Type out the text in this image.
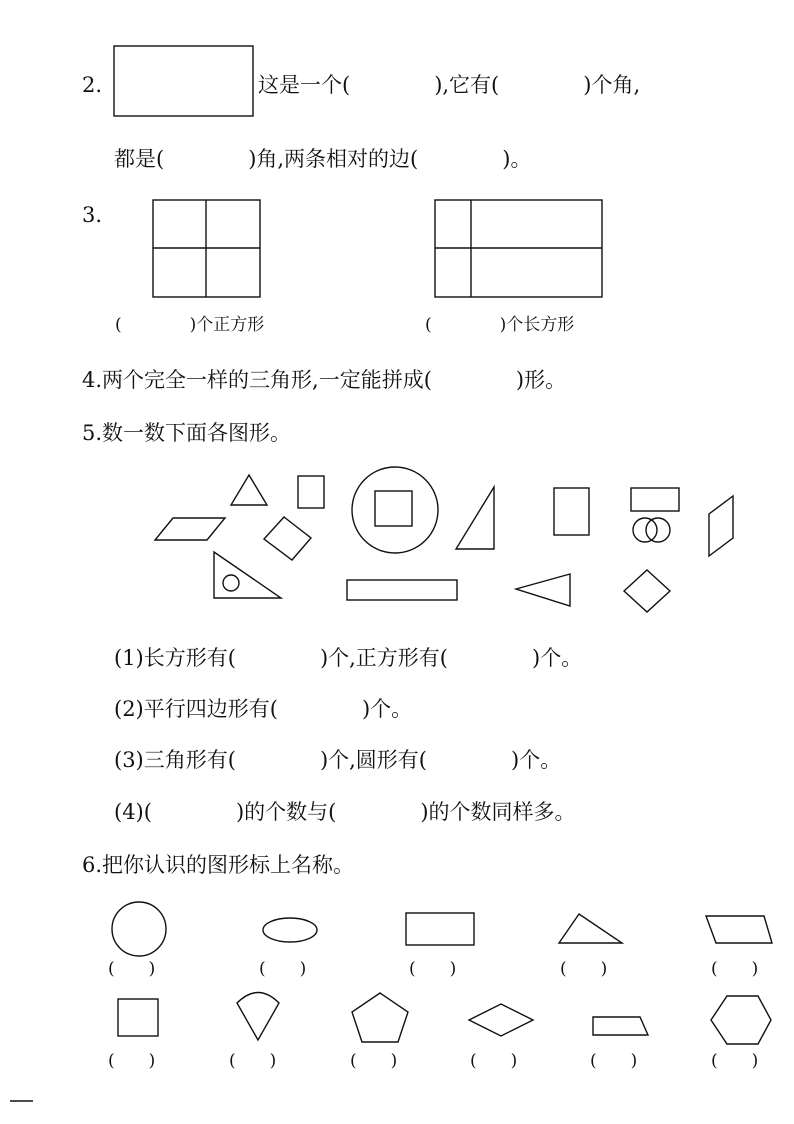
2.	这是一个(　　　　),它有(　　　　)个角,
都是(　　　　)角,两条相对的边(　　　　)。
3.
(　　　　)个正方形	(　　　　)个长方形
4.两个完全一样的三角形,一定能拼成(　　　　)形。
5.数一数下面各图形。
(1)长方形有(　　　　)个,正方形有(　　　　)个。
(2)平行四边形有(　　　　)个。
(3)三角形有(　　　　)个,圆形有(　　　　)个。
(4)(　　　　)的个数与(　　　　)的个数同样多。
6.把你认识的图形标上名称。
(　　)	(　　)	(　　)	(　　)	(　　)
(　　)	(　　)	(　　)	(　　)	(　　)	(　　)
